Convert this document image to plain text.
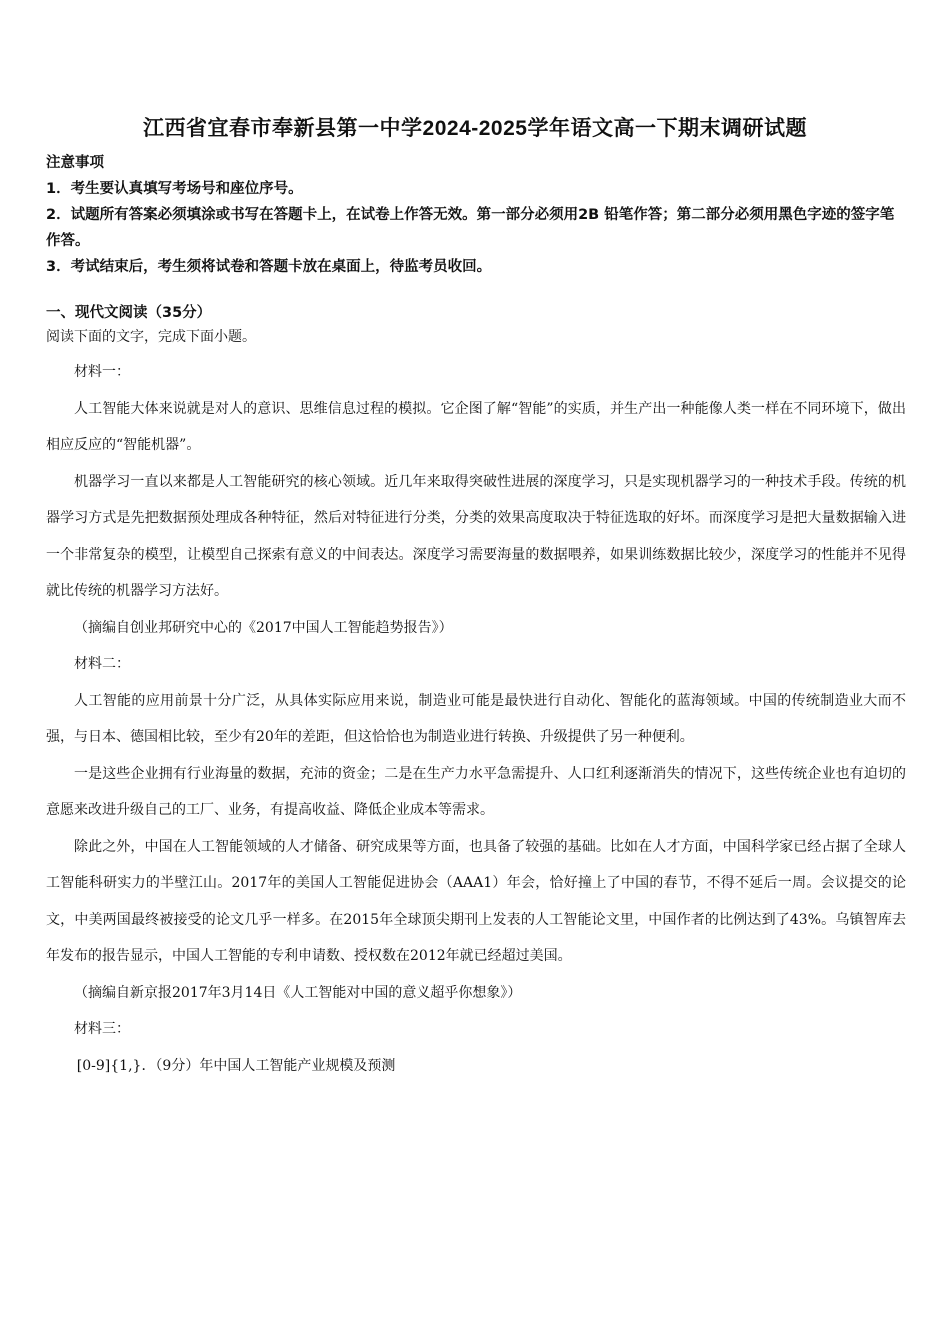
江西省宜春市奉新县第一中学2024-2025学年语文高一下期末调研试题
注意事项
1．考生要认真填写考场号和座位序号。
2．试题所有答案必须填涂或书写在答题卡上，在试卷上作答无效。第一部分必须用2B 铅笔作答；第二部分必须用黑色字迹的签字笔作答。
3．考试结束后，考生须将试卷和答题卡放在桌面上，待监考员收回。
一、现代文阅读（35分）
阅读下面的文字，完成下面小题。

材料一：

人工智能大体来说就是对人的意识、思维信息过程的模拟。它企图了解“智能”的实质，并生产出一种能像人类一样在不同环境下，做出相应反应的“智能机器”。

机器学习一直以来都是人工智能研究的核心领域。近几年来取得突破性进展的深度学习，只是实现机器学习的一种技术手段。传统的机器学习方式是先把数据预处理成各种特征，然后对特征进行分类，分类的效果高度取决于特征选取的好坏。而深度学习是把大量数据输入进一个非常复杂的模型，让模型自己探索有意义的中间表达。深度学习需要海量的数据喂养，如果训练数据比较少，深度学习的性能并不见得就比传统的机器学习方法好。

（摘编自创业邦研究中心的《2017中国人工智能趋势报告》）

材料二：

人工智能的应用前景十分广泛，从具体实际应用来说，制造业可能是最快进行自动化、智能化的蓝海领域。中国的传统制造业大而不强，与日本、德国相比较，至少有20年的差距，但这恰恰也为制造业进行转换、升级提供了另一种便利。

一是这些企业拥有行业海量的数据，充沛的资金；二是在生产力水平急需提升、人口红利逐渐消失的情况下，这些传统企业也有迫切的意愿来改进升级自己的工厂、业务，有提高收益、降低企业成本等需求。

除此之外，中国在人工智能领域的人才储备、研究成果等方面，也具备了较强的基础。比如在人才方面，中国科学家已经占据了全球人工智能科研实力的半壁江山。2017年的美国人工智能促进协会（AAA1）年会，恰好撞上了中国的春节，不得不延后一周。会议提交的论文，中美两国最终被接受的论文几乎一样多。在2015年全球顶尖期刊上发表的人工智能论文里，中国作者的比例达到了43%。乌镇智库去年发布的报告显示，中国人工智能的专利申请数、授权数在2012年就已经超过美国。

（摘编自新京报2017年3月14日《人工智能对中国的意义超乎你想象》）

材料三：

[0-9]{1,}．（9分）年中国人工智能产业规模及预测
